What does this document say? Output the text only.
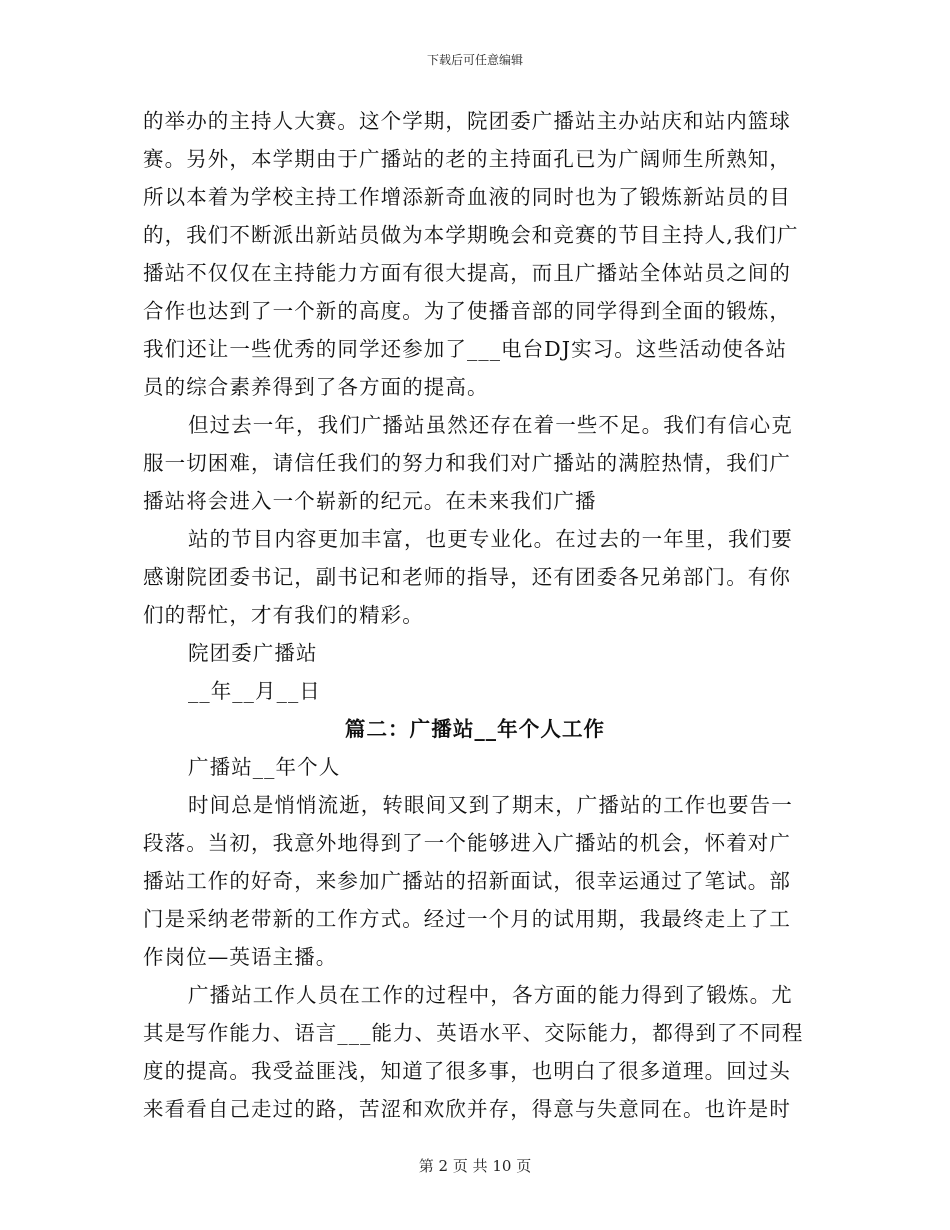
下载后可任意编辑
的举办的主持人大赛。这个学期，院团委广播站主办站庆和站内篮球
赛。另外，本学期由于广播站的老的主持面孔已为广阔师生所熟知，
所以本着为学校主持工作增添新奇血液的同时也为了锻炼新站员的目
的，我们不断派出新站员做为本学期晚会和竞赛的节目主持人,我们广
播站不仅仅在主持能力方面有很大提高，而且广播站全体站员之间的
合作也达到了一个新的高度。为了使播音部的同学得到全面的锻炼，
我们还让一些优秀的同学还参加了___电台DJ实习。这些活动使各站
员的综合素养得到了各方面的提高。
但过去一年，我们广播站虽然还存在着一些不足。我们有信心克
服一切困难，请信任我们的努力和我们对广播站的满腔热情，我们广
播站将会进入一个崭新的纪元。在未来我们广播
站的节目内容更加丰富，也更专业化。在过去的一年里，我们要
感谢院团委书记，副书记和老师的指导，还有团委各兄弟部门。有你
们的帮忙，才有我们的精彩。
院团委广播站
__年__月__日
篇二：广播站__年个人工作
广播站__年个人
时间总是悄悄流逝，转眼间又到了期末，广播站的工作也要告一
段落。当初，我意外地得到了一个能够进入广播站的机会，怀着对广
播站工作的好奇，来参加广播站的招新面试，很幸运通过了笔试。部
门是采纳老带新的工作方式。经过一个月的试用期，我最终走上了工
作岗位—英语主播。
广播站工作人员在工作的过程中，各方面的能力得到了锻炼。尤
其是写作能力、语言___能力、英语水平、交际能力，都得到了不同程
度的提高。我受益匪浅，知道了很多事，也明白了很多道理。回过头
来看看自己走过的路，苦涩和欢欣并存，得意与失意同在。也许是时
第 2 页 共 10 页
